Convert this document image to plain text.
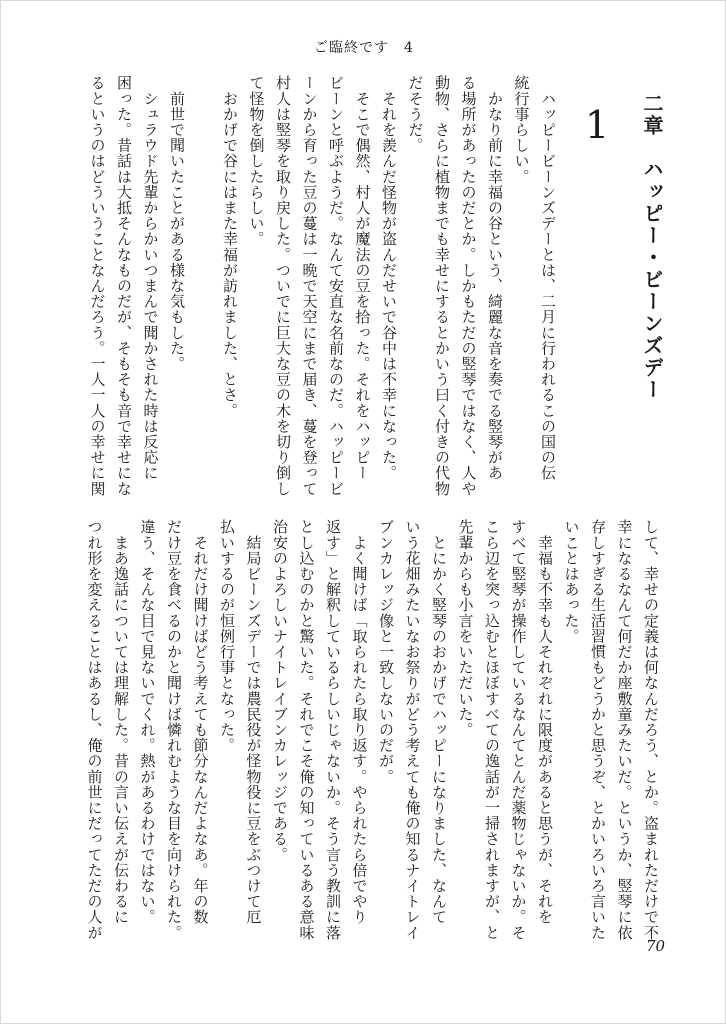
ご臨終です　4
二章　ハッピー・ビーンズデー
1
　ハッピービーンズデーとは、二月に行われるこの国の伝
統行事らしい。
　かなり前に幸福の谷という、綺麗な音を奏でる竪琴があ
る場所があったのだとか。しかもただの竪琴ではなく、人や
動物、さらに植物までも幸せにするとかいう曰く付きの代物
だそうだ。
　それを羨んだ怪物が盗んだせいで谷中は不幸になった。
　そこで偶然、村人が魔法の豆を拾った。それをハッピー
ビーンと呼ぶようだ。なんて安直な名前なのだ。ハッピービ
ーンから育った豆の蔓は一晩で天空にまで届き、蔓を登って
村人は竪琴を取り戻した。ついでに巨大な豆の木を切り倒し
て怪物を倒したらしい。
　おかげで谷にはまた幸福が訪れました、とさ。
　前世で聞いたことがある様な気もした。
　シュラウド先輩からかいつまんで聞かされた時は反応に
困った。昔話は大抵そんなものだが、そもそも音で幸せにな
るというのはどういうことなんだろう。一人一人の幸せに関
して、幸せの定義は何なんだろう、とか。盗まれただけで不
幸になるなんて何だか座敷童みたいだ。というか、竪琴に依
存しすぎる生活習慣もどうかと思うぞ、とかいろいろ言いた
いことはあった。
　幸福も不幸も人それぞれに限度があると思うが、それを
すべて竪琴が操作しているなんてとんだ薬物じゃないか。そ
こら辺を突っ込むとほぼすべての逸話が一掃されますが、と
先輩からも小言をいただいた。
　とにかく竪琴のおかげでハッピーになりました、なんて
いう花畑みたいなお祭りがどう考えても俺の知るナイトレイ
ブンカレッジ像と一致しないのだが。
　よく聞けば「取られたら取り返す。やられたら倍でやり
返す」と解釈しているらしいじゃないか。そう言う教訓に落
とし込むのかと驚いた。それでこそ俺の知っているある意味
治安のよろしいナイトレイブンカレッジである。
　結局ビーンズデーでは農民役が怪物役に豆をぶつけて厄
払いするのが恒例行事となった。
　それだけ聞けばどう考えても節分なんだよなあ。年の数
だけ豆を食べるのかと聞けば憐れむような目を向けられた。
違う、そんな目で見ないでくれ。熱があるわけではない。
　まあ逸話については理解した。昔の言い伝えが伝わるに
つれ形を変えることはあるし、俺の前世にだってただの人が
70
